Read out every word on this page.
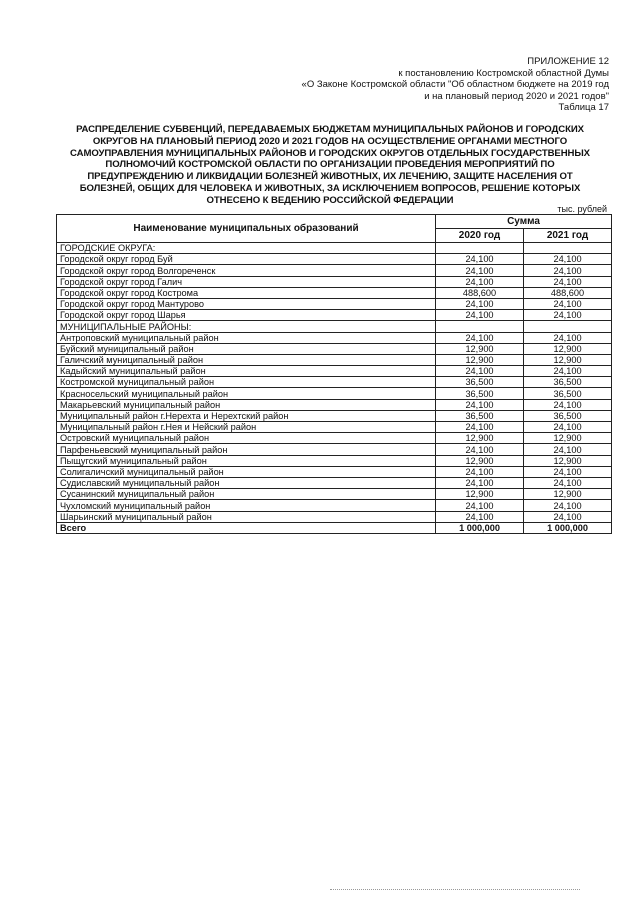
ПРИЛОЖЕНИЕ 12
к постановлению Костромской областной Думы
«О Законе Костромской области "Об областном бюджете на 2019 год
и на плановый период 2020 и 2021 годов"
Таблица 17
РАСПРЕДЕЛЕНИЕ СУБВЕНЦИЙ, ПЕРЕДАВАЕМЫХ БЮДЖЕТАМ МУНИЦИПАЛЬНЫХ РАЙОНОВ И ГОРОДСКИХ
ОКРУГОВ НА ПЛАНОВЫЙ ПЕРИОД 2020 И 2021 ГОДОВ НА ОСУЩЕСТВЛЕНИЕ ОРГАНАМИ МЕСТНОГО
САМОУПРАВЛЕНИЯ МУНИЦИПАЛЬНЫХ РАЙОНОВ И ГОРОДСКИХ ОКРУГОВ ОТДЕЛЬНЫХ ГОСУДАРСТВЕННЫХ
ПОЛНОМОЧИЙ КОСТРОМСКОЙ ОБЛАСТИ ПО ОРГАНИЗАЦИИ ПРОВЕДЕНИЯ МЕРОПРИЯТИЙ ПО
ПРЕДУПРЕЖДЕНИЮ И ЛИКВИДАЦИИ БОЛЕЗНЕЙ ЖИВОТНЫХ, ИХ ЛЕЧЕНИЮ, ЗАЩИТЕ НАСЕЛЕНИЯ ОТ
БОЛЕЗНЕЙ, ОБЩИХ ДЛЯ ЧЕЛОВЕКА И ЖИВОТНЫХ, ЗА ИСКЛЮЧЕНИЕМ ВОПРОСОВ, РЕШЕНИЕ КОТОРЫХ
ОТНЕСЕНО К ВЕДЕНИЮ РОССИЙСКОЙ ФЕДЕРАЦИИ
тыс. рублей
Наименование муниципальных образований	Сумма	
	2020 год	2021 год
ГОРОДСКИЕ ОКРУГА:		
Городской округ город Буй	24,100	24,100
Городской округ город Волгореченск	24,100	24,100
Городской округ город Галич	24,100	24,100
Городской округ город Кострома	488,600	488,600
Городской округ город Мантурово	24,100	24,100
Городской округ город Шарья	24,100	24,100
МУНИЦИПАЛЬНЫЕ РАЙОНЫ:		
Антроповский муниципальный район	24,100	24,100
Буйский муниципальный район	12,900	12,900
Галичский муниципальный район	12,900	12,900
Кадыйский муниципальный район	24,100	24,100
Костромской муниципальный район	36,500	36,500
Красносельский муниципальный район	36,500	36,500
Макарьевский муниципальный район	24,100	24,100
Муниципальный район г.Нерехта и Нерехтский район	36,500	36,500
Муниципальный район г.Нея и Нейский район	24,100	24,100
Островский муниципальный район	12,900	12,900
Парфеньевский муниципальный район	24,100	24,100
Пыщугский муниципальный район	12,900	12,900
Солигаличский муниципальный район	24,100	24,100
Судиславский муниципальный район	24,100	24,100
Сусанинский муниципальный район	12,900	12,900
Чухломский муниципальный район	24,100	24,100
Шарьинский муниципальный район	24,100	24,100
Всего	1 000,000	1 000,000
